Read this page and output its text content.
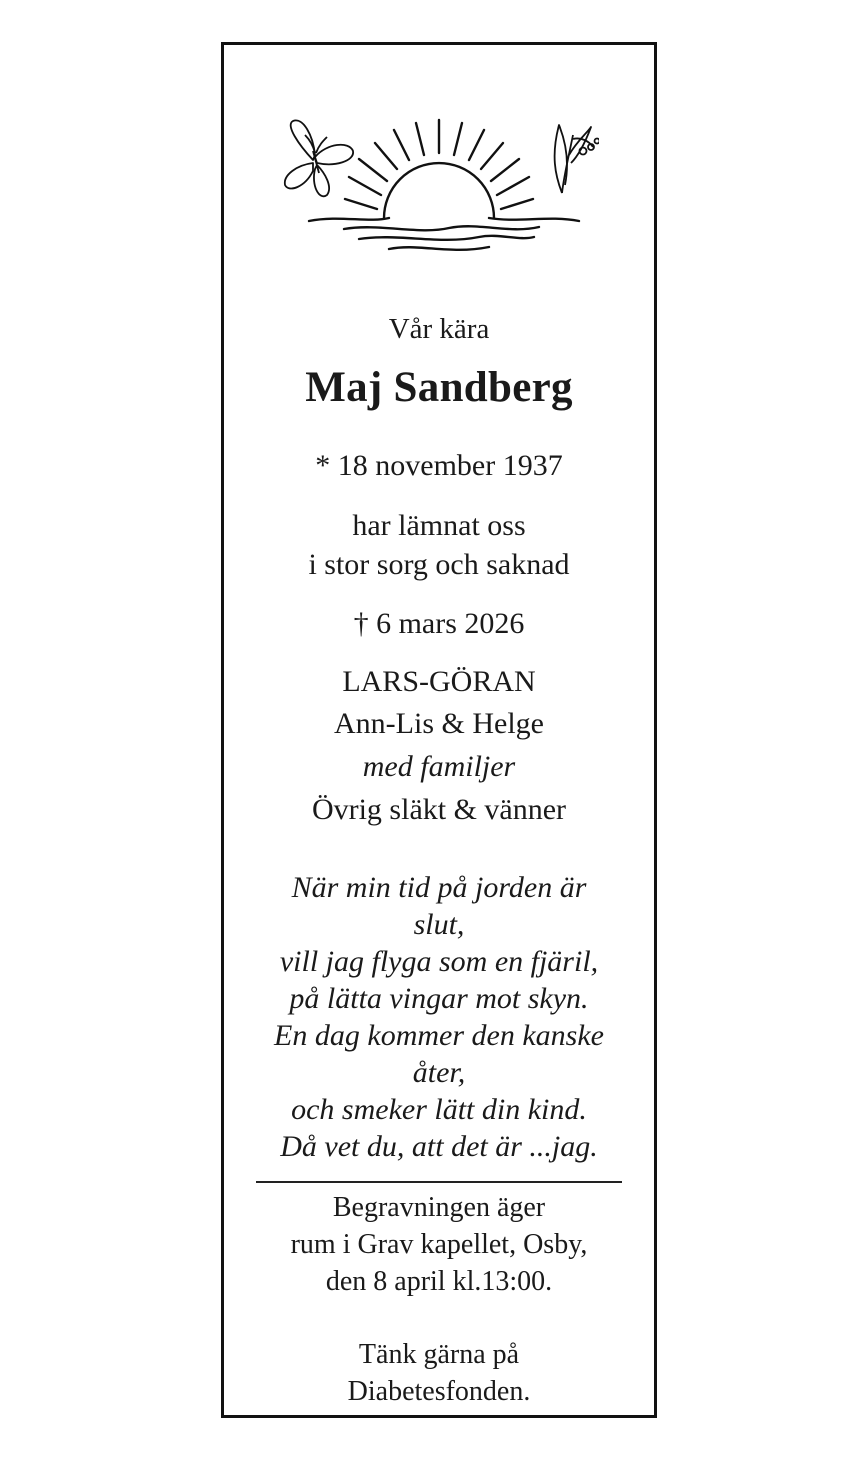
Vår kära
Maj Sandberg
* 18 november 1937
har lämnat oss
i stor sorg och saknad
† 6 mars 2026
LARS-GÖRAN
Ann-Lis & Helge
med familjer
Övrig släkt & vänner
När min tid på jorden är
slut,
vill jag flyga som en fjäril,
på lätta vingar mot skyn.
En dag kommer den kanske
åter,
och smeker lätt din kind.
Då vet du, att det är ...jag.
Begravningen äger
rum i Grav kapellet, Osby,
den 8 april kl.13:00.
Tänk gärna på
Diabetesfonden.
